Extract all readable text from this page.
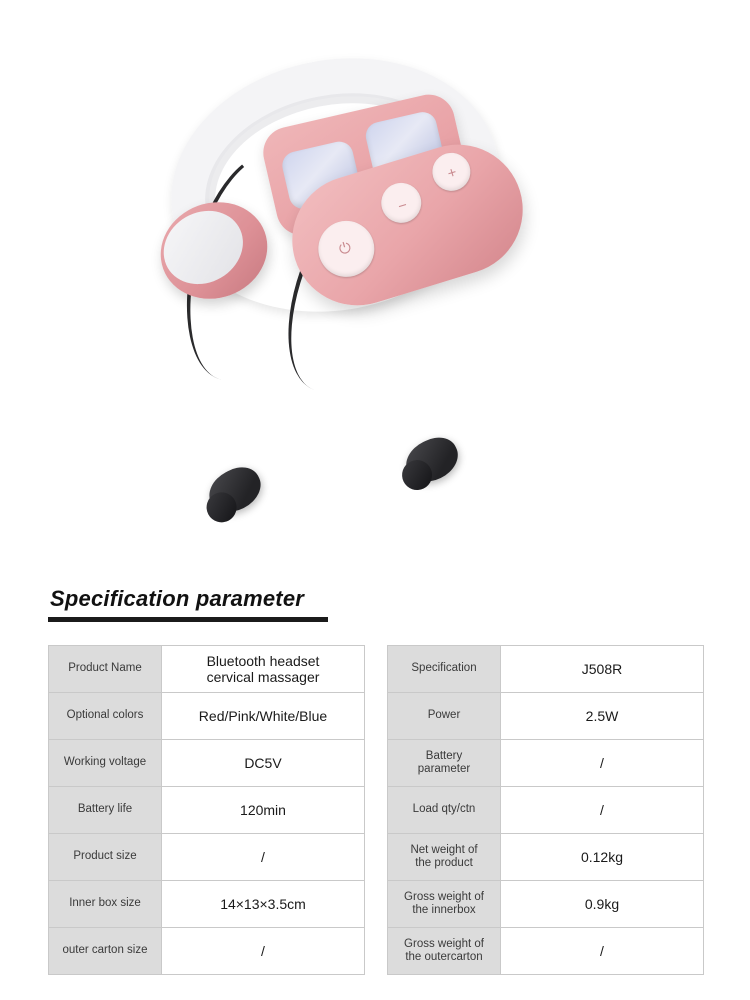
⏻
−
+
Specification parameter
Product Name	Bluetooth headset
cervical massager
Optional colors	Red/Pink/White/Blue
Working voltage	DC5V
Battery life	120min
Product size	/
Inner box size	14×13×3.5cm
outer carton size	/
Specification	J508R
Power	2.5W
Battery
parameter	/
Load qty/ctn	/
Net weight of
the product	0.12kg
Gross weight of
the innerbox	0.9kg
Gross weight of
the outercarton	/
